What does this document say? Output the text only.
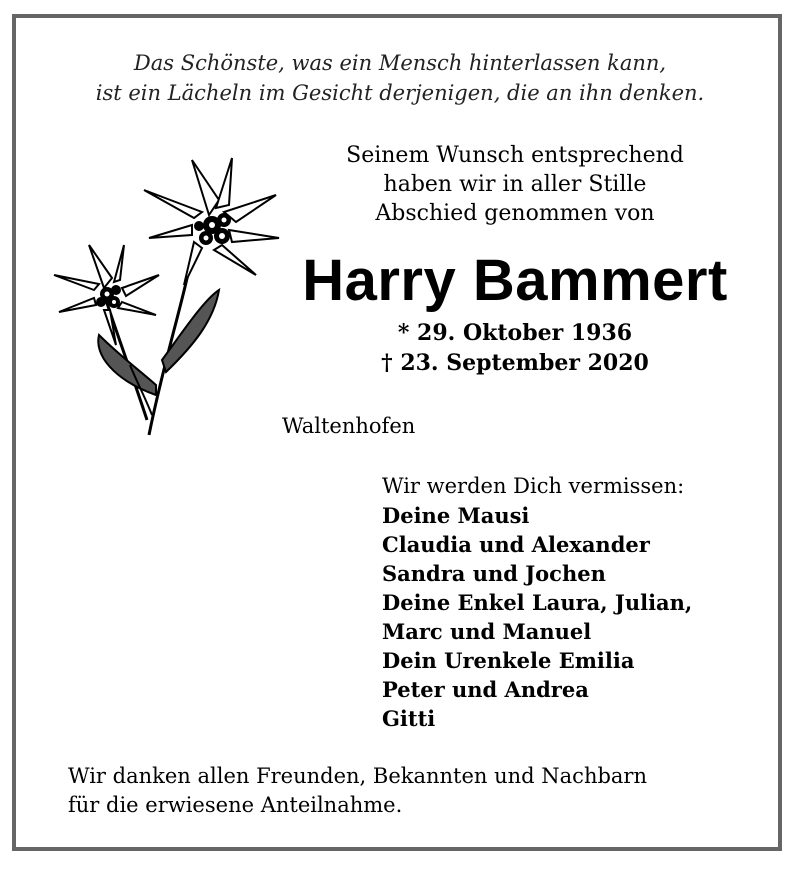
Das Schönste, was ein Mensch hinterlassen kann,
ist ein Lächeln im Gesicht derjenigen, die an ihn denken.
Seinem Wunsch entsprechend
haben wir in aller Stille
Abschied genommen von
Harry Bammert
* 29. Oktober 1936
† 23. September 2020
Waltenhofen
Wir werden Dich vermissen:
Deine Mausi
Claudia und Alexander
Sandra und Jochen
Deine Enkel Laura, Julian,
Marc und Manuel
Dein Urenkele Emilia
Peter und Andrea
Gitti
Wir danken allen Freunden, Bekannten und Nachbarn
für die erwiesene Anteilnahme.
